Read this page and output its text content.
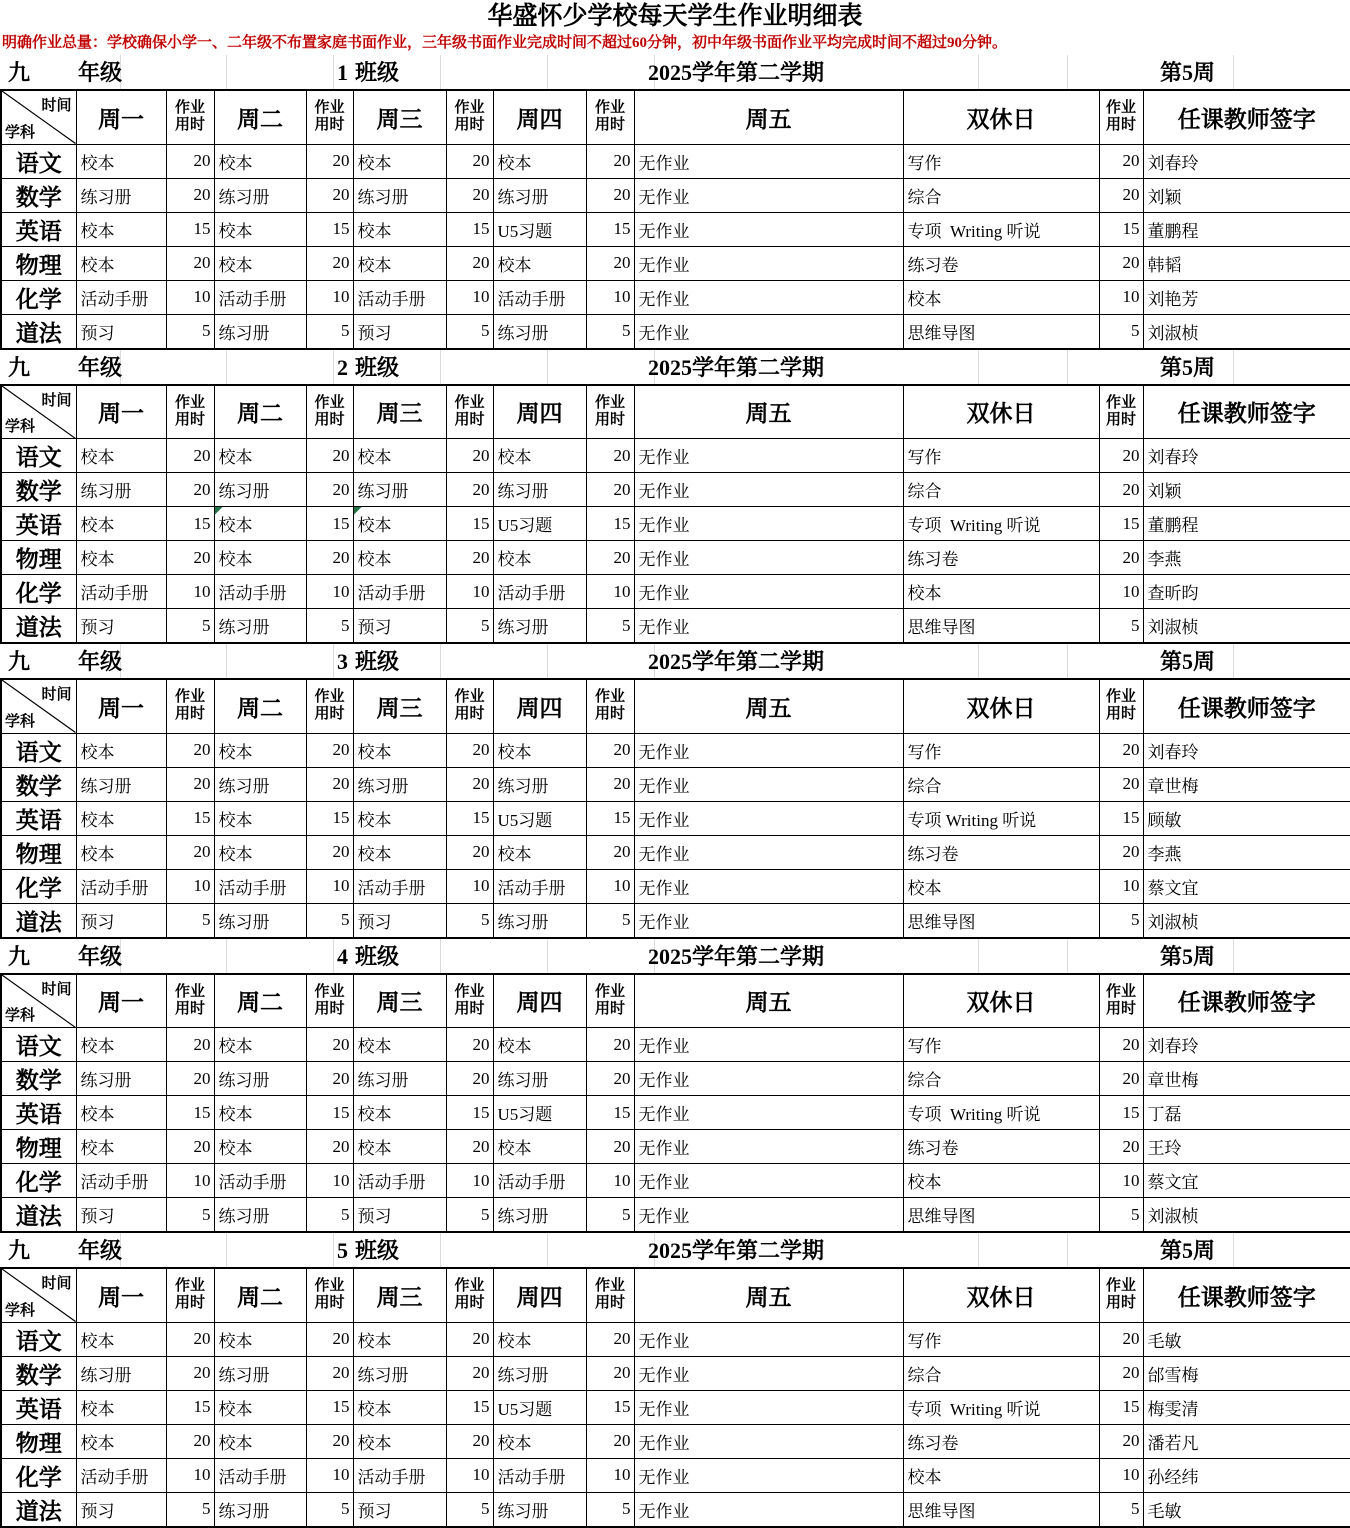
华盛怀少学校每天学生作业明细表
明确作业总量：学校确保小学一、二年级不布置家庭书面作业，三年级书面作业完成时间不超过60分钟，初中年级书面作业平均完成时间不超过90分钟。
九 年级	1 班级	2025学年第二学期	第5周
时间
学科	周一	作业用时	周二	作业用时	周三	作业用时	周四	作业用时	周五	双休日	作业用时	任课教师签字
语文	校本	20	校本	20	校本	20	校本	20	无作业	写作	20	刘春玲
数学	练习册	20	练习册	20	练习册	20	练习册	20	无作业	综合	20	刘颖
英语	校本	15	校本	15	校本	15	U5习题	15	无作业	专项  Writing 听说	15	董鹏程
物理	校本	20	校本	20	校本	20	校本	20	无作业	练习卷	20	韩韬
化学	活动手册	10	活动手册	10	活动手册	10	活动手册	10	无作业	校本	10	刘艳芳
道法	预习	5	练习册	5	预习	5	练习册	5	无作业	思维导图	5	刘淑桢
九 年级	2 班级	2025学年第二学期	第5周
时间
学科	周一	作业用时	周二	作业用时	周三	作业用时	周四	作业用时	周五	双休日	作业用时	任课教师签字
语文	校本	20	校本	20	校本	20	校本	20	无作业	写作	20	刘春玲
数学	练习册	20	练习册	20	练习册	20	练习册	20	无作业	综合	20	刘颖
英语	校本	15	校本	15	校本	15	U5习题	15	无作业	专项  Writing 听说	15	董鹏程
物理	校本	20	校本	20	校本	20	校本	20	无作业	练习卷	20	李燕
化学	活动手册	10	活动手册	10	活动手册	10	活动手册	10	无作业	校本	10	查昕昀
道法	预习	5	练习册	5	预习	5	练习册	5	无作业	思维导图	5	刘淑桢
九 年级	3 班级	2025学年第二学期	第5周
时间
学科	周一	作业用时	周二	作业用时	周三	作业用时	周四	作业用时	周五	双休日	作业用时	任课教师签字
语文	校本	20	校本	20	校本	20	校本	20	无作业	写作	20	刘春玲
数学	练习册	20	练习册	20	练习册	20	练习册	20	无作业	综合	20	章世梅
英语	校本	15	校本	15	校本	15	U5习题	15	无作业	专项 Writing 听说	15	顾敏
物理	校本	20	校本	20	校本	20	校本	20	无作业	练习卷	20	李燕
化学	活动手册	10	活动手册	10	活动手册	10	活动手册	10	无作业	校本	10	蔡文宜
道法	预习	5	练习册	5	预习	5	练习册	5	无作业	思维导图	5	刘淑桢
九 年级	4 班级	2025学年第二学期	第5周
时间
学科	周一	作业用时	周二	作业用时	周三	作业用时	周四	作业用时	周五	双休日	作业用时	任课教师签字
语文	校本	20	校本	20	校本	20	校本	20	无作业	写作	20	刘春玲
数学	练习册	20	练习册	20	练习册	20	练习册	20	无作业	综合	20	章世梅
英语	校本	15	校本	15	校本	15	U5习题	15	无作业	专项  Writing 听说	15	丁磊
物理	校本	20	校本	20	校本	20	校本	20	无作业	练习卷	20	王玲
化学	活动手册	10	活动手册	10	活动手册	10	活动手册	10	无作业	校本	10	蔡文宜
道法	预习	5	练习册	5	预习	5	练习册	5	无作业	思维导图	5	刘淑桢
九 年级	5 班级	2025学年第二学期	第5周
时间
学科	周一	作业用时	周二	作业用时	周三	作业用时	周四	作业用时	周五	双休日	作业用时	任课教师签字
语文	校本	20	校本	20	校本	20	校本	20	无作业	写作	20	毛敏
数学	练习册	20	练习册	20	练习册	20	练习册	20	无作业	综合	20	邰雪梅
英语	校本	15	校本	15	校本	15	U5习题	15	无作业	专项  Writing 听说	15	梅雯清
物理	校本	20	校本	20	校本	20	校本	20	无作业	练习卷	20	潘若凡
化学	活动手册	10	活动手册	10	活动手册	10	活动手册	10	无作业	校本	10	孙经纬
道法	预习	5	练习册	5	预习	5	练习册	5	无作业	思维导图	5	毛敏
